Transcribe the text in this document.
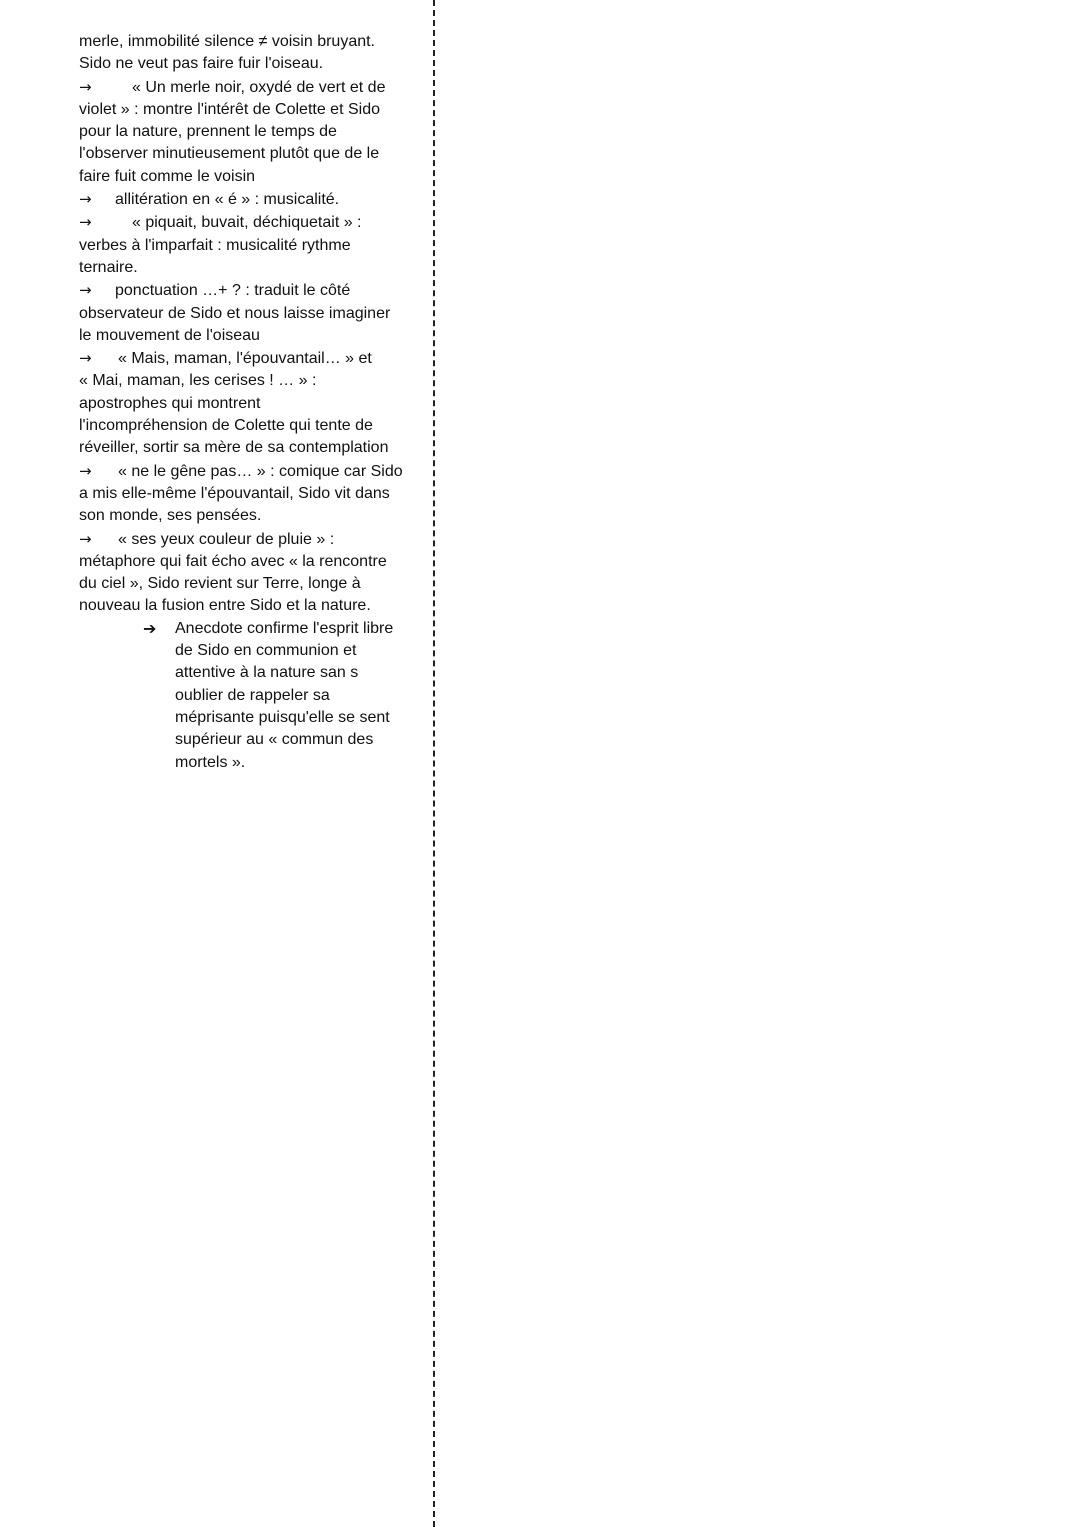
merle, immobilité silence ≠ voisin bruyant.
Sido ne veut pas faire fuir l'oiseau.
→	« Un merle noir, oxydé de vert et de
violet » : montre l'intérêt de Colette et Sido
pour la nature, prennent le temps de
l'observer minutieusement plutôt que de le
faire fuit comme le voisin
→ allitération en « é » : musicalité.
→	« piquait, buvait, déchiquetait » :
verbes à l'imparfait : musicalité rythme
ternaire.
→ ponctuation …+ ? : traduit le côté
observateur de Sido et nous laisse imaginer
le mouvement de l'oiseau
→ « Mais, maman, l'épouvantail… » et
« Mai, maman, les cerises ! … » :
apostrophes qui montrent
l'incompréhension de Colette qui tente de
réveiller, sortir sa mère de sa contemplation
→ « ne le gêne pas… » : comique car Sido
a mis elle-même l'épouvantail, Sido vit dans
son monde, ses pensées.
→ « ses yeux couleur de pluie » :
métaphore qui fait écho avec « la rencontre
du ciel », Sido revient sur Terre, longe à
nouveau la fusion entre Sido et la nature.
➔ Anecdote confirme l'esprit libre
de Sido en communion et
attentive à la nature san s
oublier de rappeler sa
méprisante puisqu'elle se sent
supérieur au « commun des
mortels ».
